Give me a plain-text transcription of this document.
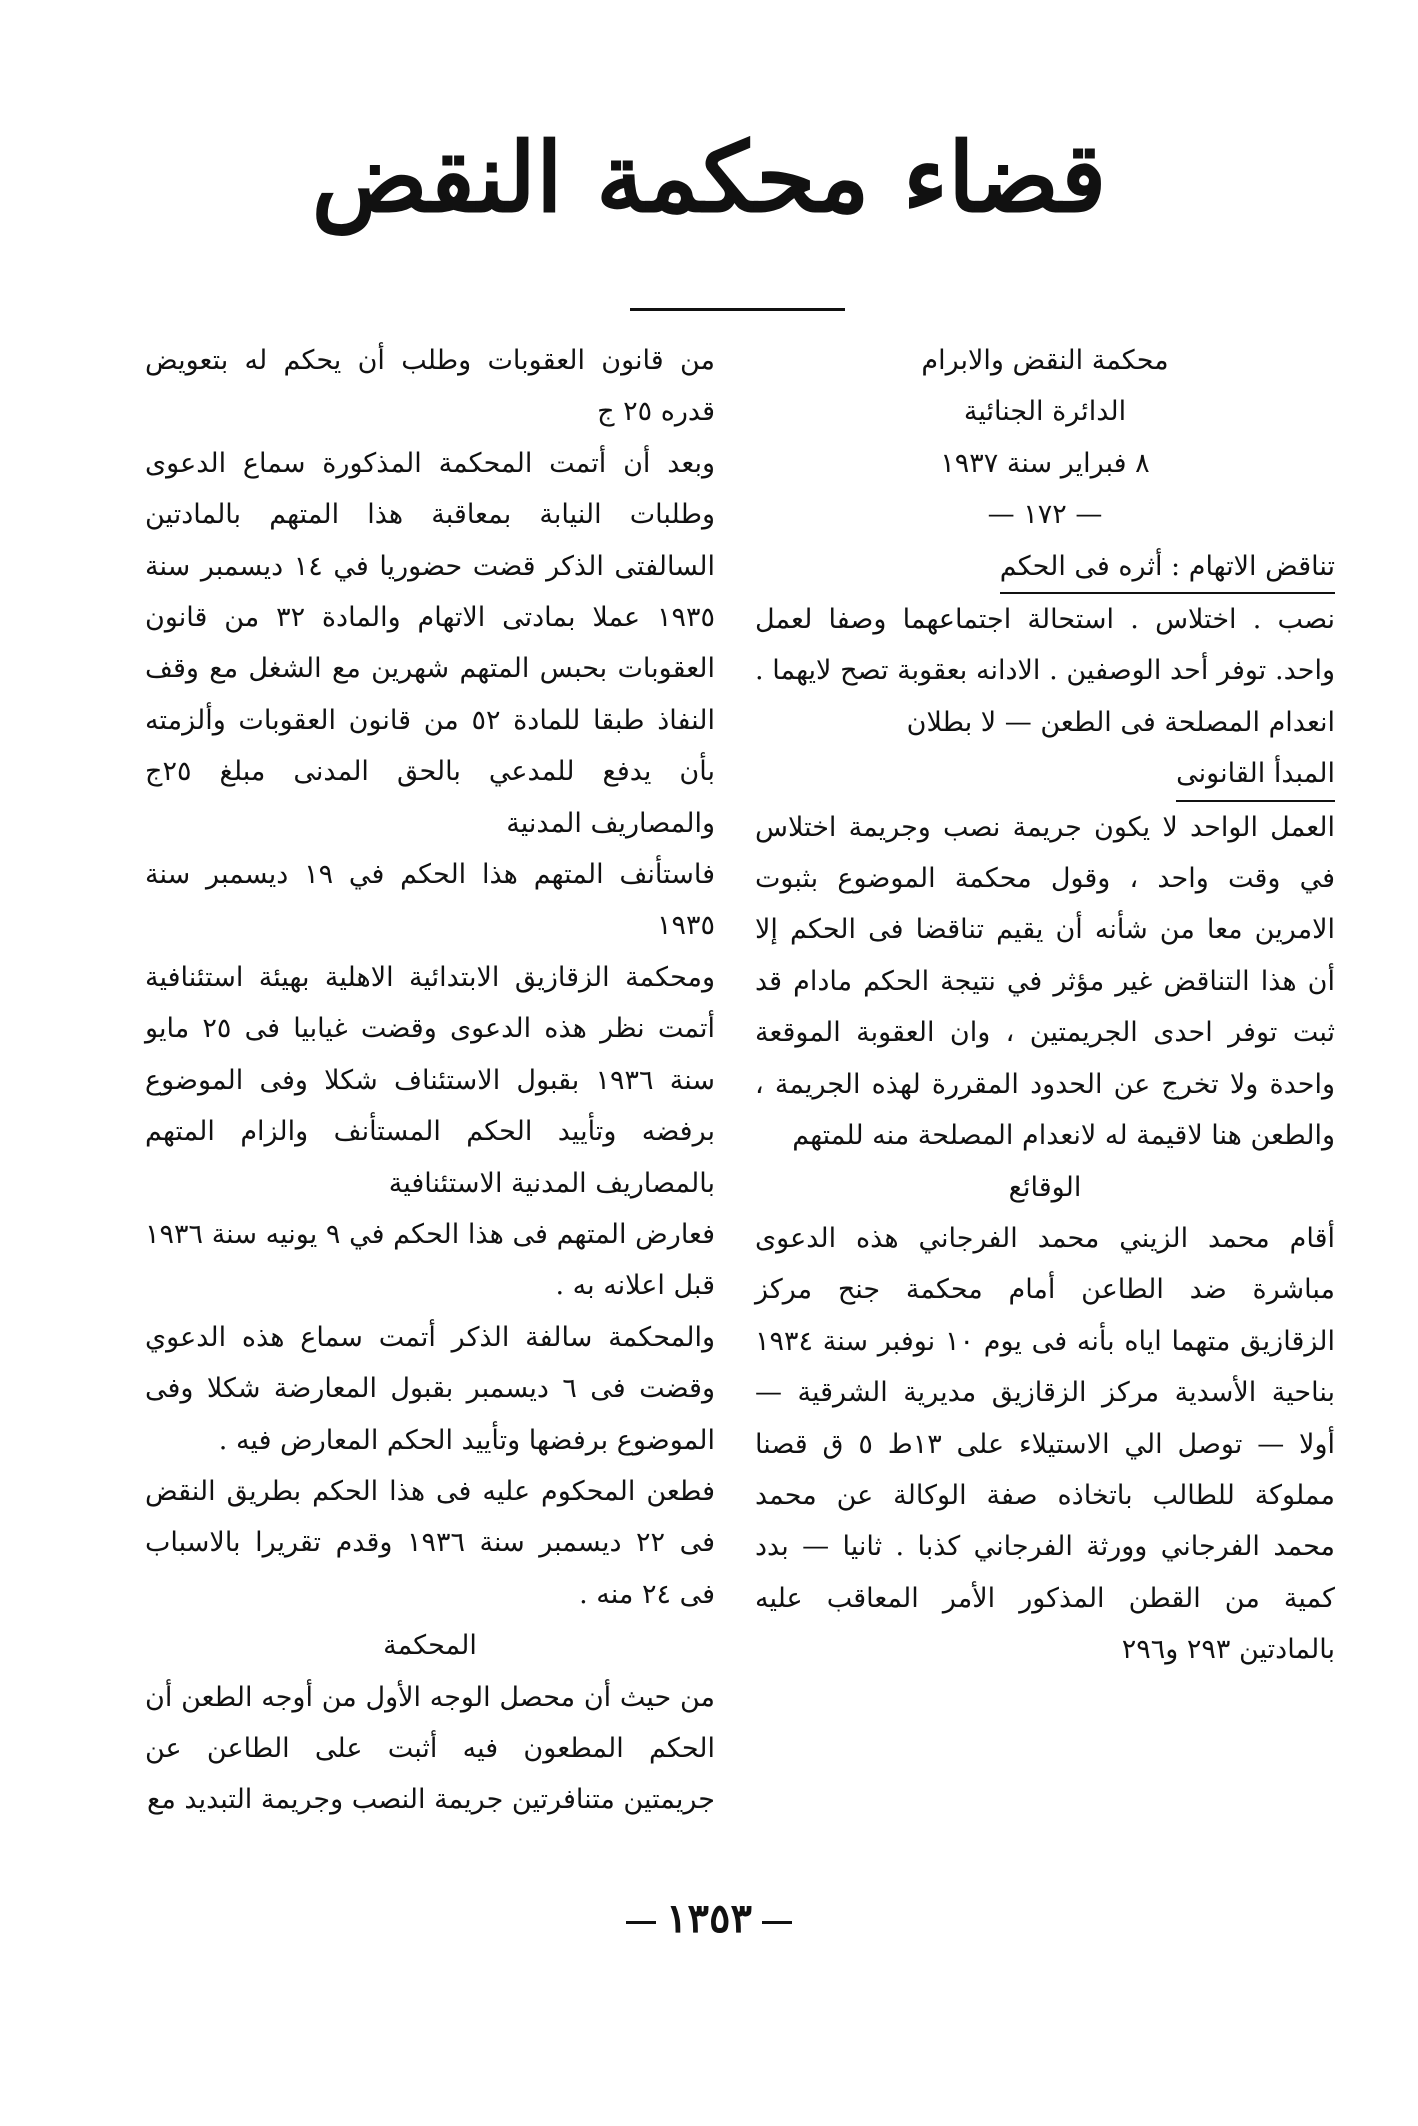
قضاء محكمة النقض

محكمة النقض والابرام

الدائرة الجنائية

٨ فبراير سنة ١٩٣٧

— ١٧٢ —

تناقض الاتهام : أثره فى الحكم

نصب . اختلاس . استحالة اجتماعهما وصفا لعمل واحد. توفر أحد الوصفين . الادانه بعقوبة تصح لايهما . انعدام المصلحة فى الطعن — لا بطلان

المبدأ القانونى

العمل الواحد لا يكون جريمة نصب وجريمة اختلاس في وقت واحد ، وقول محكمة الموضوع بثبوت الامرين معا من شأنه أن يقيم تناقضا فى الحكم إلا أن هذا التناقض غير مؤثر في نتيجة الحكم مادام قد ثبت توفر احدى الجريمتين ، وان العقوبة الموقعة واحدة ولا تخرج عن الحدود المقررة لهذه الجريمة ، والطعن هنا لاقيمة له لانعدام المصلحة منه للمتهم

الوقائع

أقام محمد الزيني محمد الفرجاني هذه الدعوى مباشرة ضد الطاعن أمام محكمة جنح مركز الزقازيق متهما اياه بأنه فى يوم ١٠ نوفبر سنة ١٩٣٤ بناحية الأسدية مركز الزقازيق مديرية الشرقية — أولا — توصل الي الاستيلاء على ١٣ط ٥ ق قصنا مملوكة للطالب باتخاذه صفة الوكالة عن محمد محمد الفرجاني وورثة الفرجاني كذبا . ثانيا — بدد كمية من القطن المذكور الأمر المعاقب عليه بالمادتين ٢٩٣ و٢٩٦

من قانون العقوبات وطلب أن يحكم له بتعويض قدره ٢٥ ج

وبعد أن أتمت المحكمة المذكورة سماع الدعوى وطلبات النيابة بمعاقبة هذا المتهم بالمادتين السالفتى الذكر قضت حضوريا في ١٤ ديسمبر سنة ١٩٣٥ عملا بمادتى الاتهام والمادة ٣٢ من قانون العقوبات بحبس المتهم شهرين مع الشغل مع وقف النفاذ طبقا للمادة ٥٢ من قانون العقوبات وألزمته بأن يدفع للمدعي بالحق المدنى مبلغ ٢٥ج والمصاريف المدنية

فاستأنف المتهم هذا الحكم في ١٩ ديسمبر سنة ١٩٣٥

ومحكمة الزقازيق الابتدائية الاهلية بهيئة استئنافية أتمت نظر هذه الدعوى وقضت غيابيا فى ٢٥ مايو سنة ١٩٣٦ بقبول الاستئناف شكلا وفى الموضوع برفضه وتأييد الحكم المستأنف والزام المتهم بالمصاريف المدنية الاستئنافية

فعارض المتهم فى هذا الحكم في ٩ يونيه سنة ١٩٣٦ قبل اعلانه به .

والمحكمة سالفة الذكر أتمت سماع هذه الدعوي وقضت فى ٦ ديسمبر بقبول المعارضة شكلا وفى الموضوع برفضها وتأييد الحكم المعارض فيه .

فطعن المحكوم عليه فى هذا الحكم بطريق النقض فى ٢٢ ديسمبر سنة ١٩٣٦ وقدم تقريرا بالاسباب فى ٢٤ منه .

المحكمة

من حيث أن محصل الوجه الأول من أوجه الطعن أن الحكم المطعون فيه أثبت على الطاعن عن جريمتين متنافرتين جريمة النصب وجريمة التبديد مع

١٣٥٣
